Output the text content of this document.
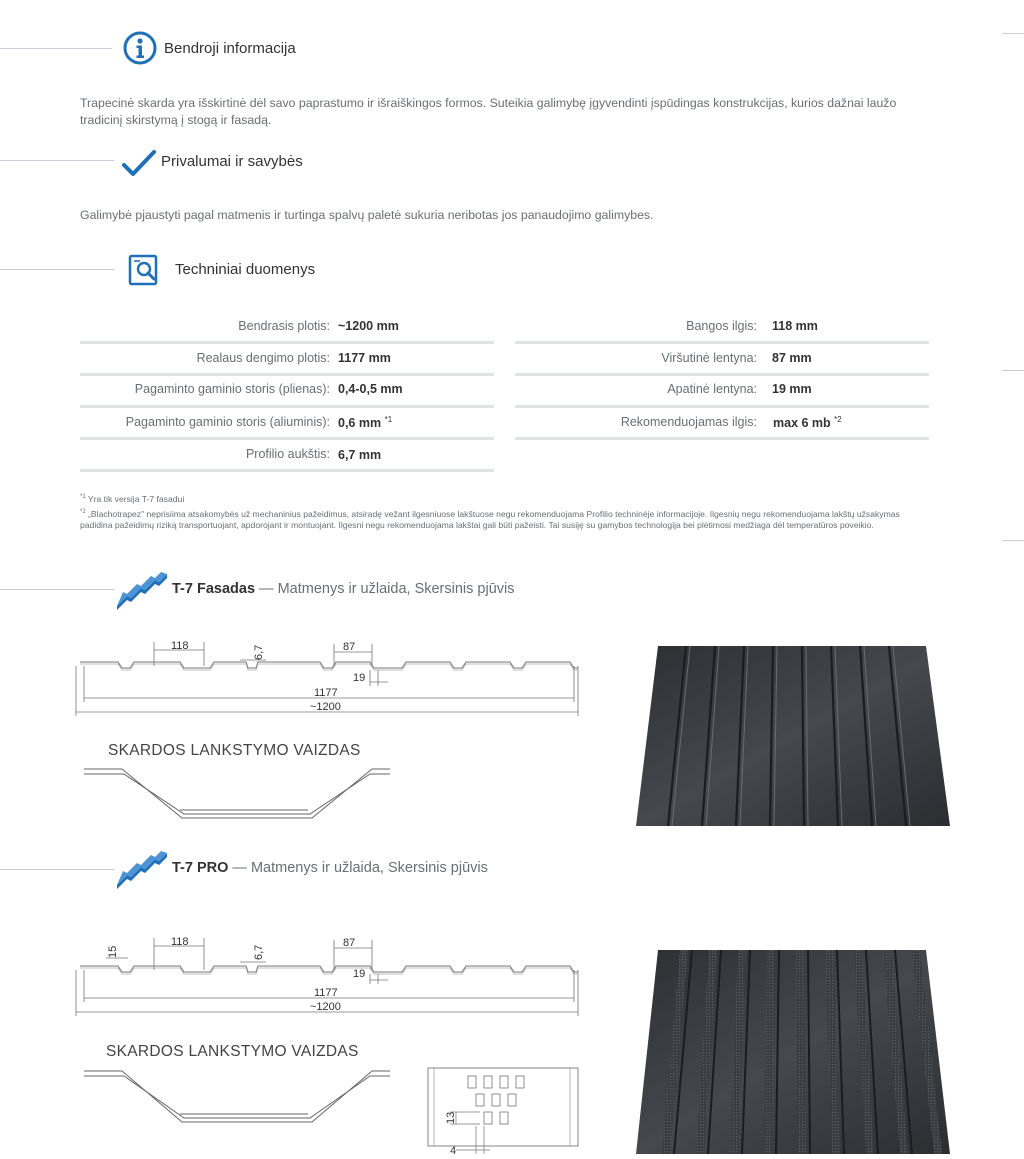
Bendroji informacija
Trapecinė skarda yra išskirtinė dėl savo paprastumo ir išraiškingos formos. Suteikia galimybę įgyvendinti įspūdingas konstrukcijas, kurios dažnai laužo tradicinį skirstymą į stogą ir fasadą.
Privalumai ir savybės
Galimybė pjaustyti pagal matmenis ir turtinga spalvų paletė sukuria neribotas jos panaudojimo galimybes.
Techniniai duomenys
Bendrasis plotis: ~1200 mm
Realaus dengimo plotis: 1177 mm
Pagaminto gaminio storis (plienas): 0,4-0,5 mm
Pagaminto gaminio storis (aliuminis): 0,6 mm $^{*1}$
Profilio aukštis: 6,7 mm
Bangos ilgis: 118 mm
Viršutinė lentyna: 87 mm
Apatinė lentyna: 19 mm
Rekomenduojamas ilgis: max 6 mb $^{*2}$
$^{*1}$ Yra tik versija T-7 fasadui
$^{*2}$ „Blachotrapez" neprisiima atsakomybės už mechaninius pažeidimus, atsiradę vežant ilgesniuose lakštuose negu rekomenduojama Profilio techninėje informacijoje. Ilgesnių negu rekomenduojama lakštų užsakymas padidina pažeidimų riziką transportuojant, apdorojant ir montuojant. Ilgesni negu rekomenduojama lakštai gali būti pažeisti. Tai susiję su gamybos technologija bei plėtimosi medžiaga dėl temperatūros poveikio.
T-7 Fasadas — Matmenys ir užlaida, Skersinis pjūvis
118	6,7	87
19
1177
~1200
SKARDOS LANKSTYMO VAIZDAS
T-7 PRO — Matmenys ir užlaida, Skersinis pjūvis
15
118
6,7
87
19
1177
~1200
SKARDOS LANKSTYMO VAIZDAS
13
4
